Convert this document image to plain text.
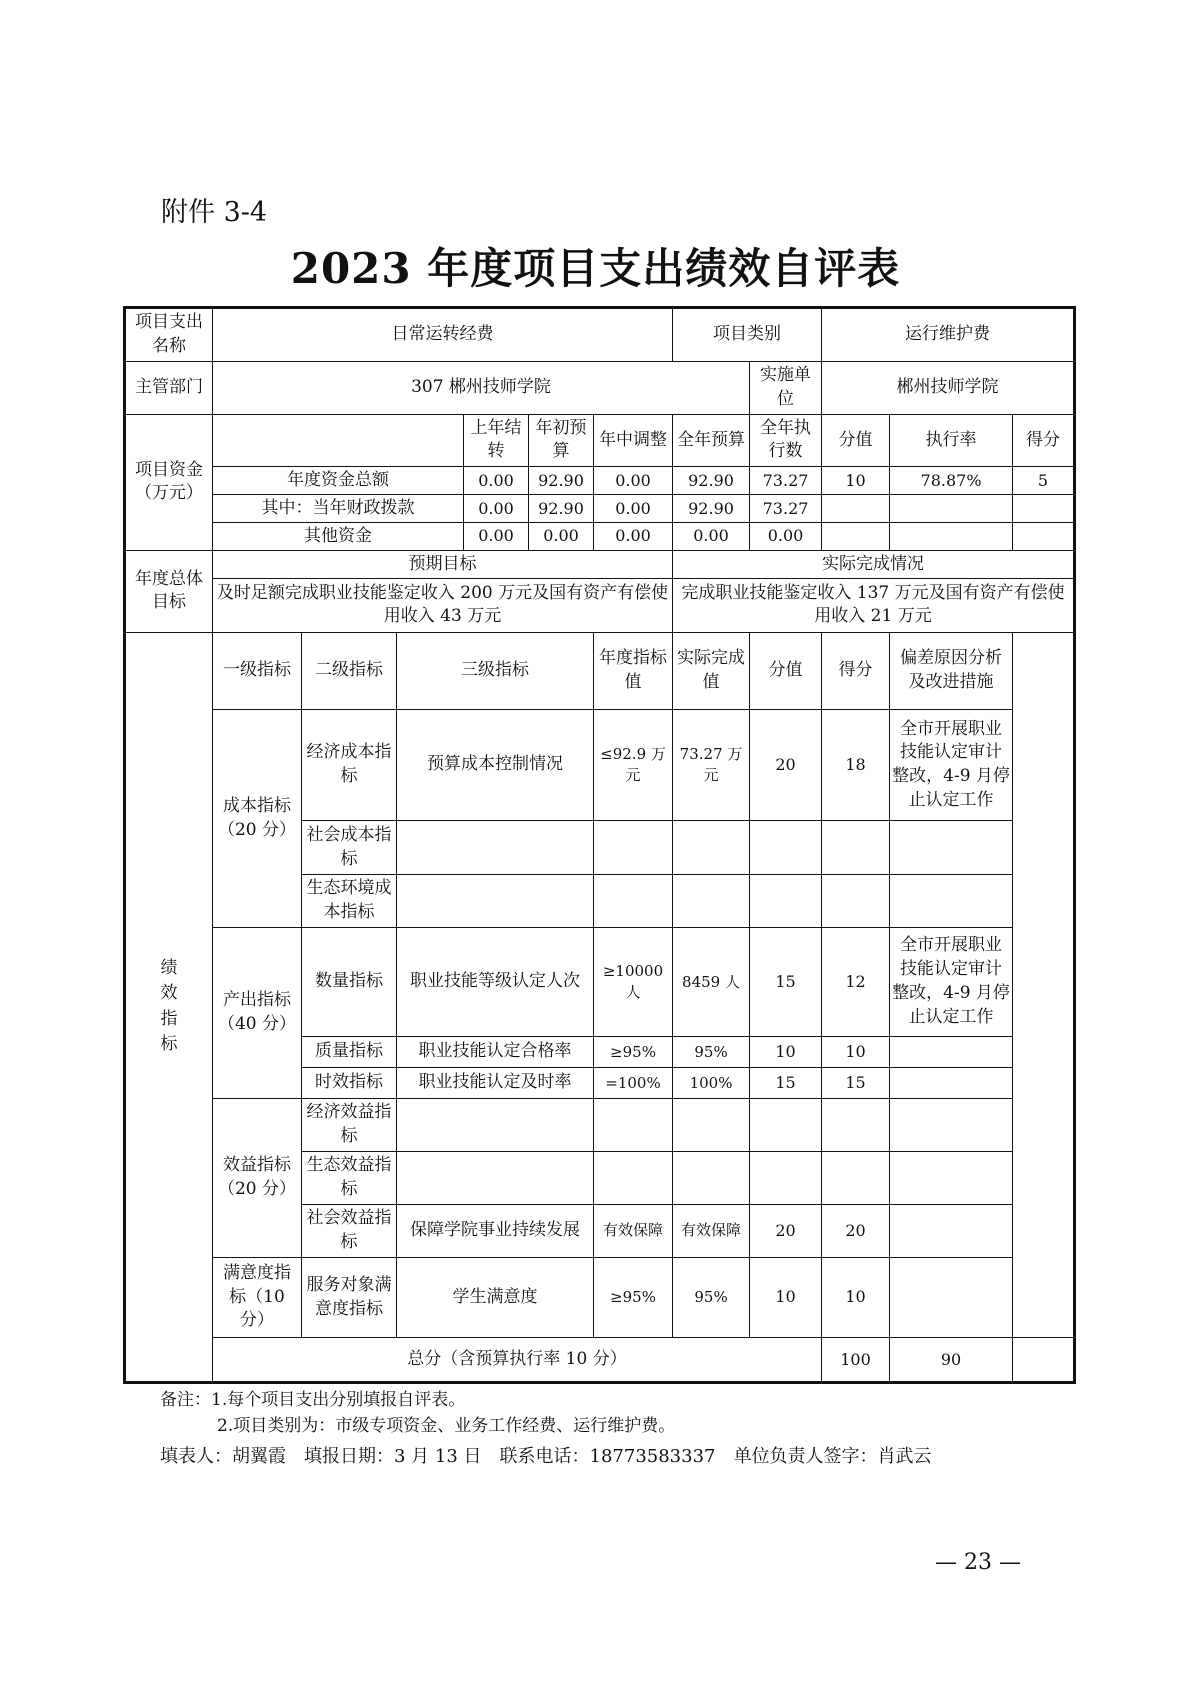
附件 3-4
2023 年度项目支出绩效自评表
项目支出名称	日常运转经费						项目类别		运行维护费		
主管部门	307 郴州技师学院							实施单位	郴州技师学院		
项目资金（万元）				上年结转	年初预算	年中调整	全年预算	全年执行数	分值	执行率	得分
	年度资金总额			0.00	92.90	0.00	92.90	73.27	10	78.87%	5
	其中：当年财政拨款			0.00	92.90	0.00	92.90	73.27			
	其他资金			0.00	0.00	0.00	0.00	0.00			
年度总体目标	预期目标						实际完成情况				
	及时足额完成职业技能鉴定收入 200 万元及国有资产有偿使用收入 43 万元						完成职业技能鉴定收入 137 万元及国有资产有偿使用收入 21 万元				
绩效指标	一级指标	二级指标	三级指标			年度指标值	实际完成值	分值	得分	偏差原因分析及改进措施	
	成本指标（20 分）	经济成本指标	预算成本控制情况			≤92.9 万元	73.27 万元	20	18	全市开展职业技能认定审计整改，4-9 月停止认定工作	
		社会成本指标									
		生态环境成本指标									
	产出指标（40 分）	数量指标	职业技能等级认定人次			≥10000 人	8459 人	15	12	全市开展职业技能认定审计整改，4-9 月停止认定工作	
		质量指标	职业技能认定合格率			≥95%	95%	10	10		
		时效指标	职业技能认定及时率			=100%	100%	15	15		
	效益指标（20 分）	经济效益指标									
		生态效益指标									
		社会效益指标	保障学院事业持续发展			有效保障	有效保障	20	20		
	满意度指标（10 分）	服务对象满意度指标	学生满意度			≥95%	95%	10	10		
	总分（含预算执行率 10 分）								100	90	
备注：1.每个项目支出分别填报自评表。
2.项目类别为：市级专项资金、业务工作经费、运行维护费。
填表人：胡翼霞　填报日期：3 月 13 日　联系电话：18773583337　单位负责人签字：肖武云
— 23 —
